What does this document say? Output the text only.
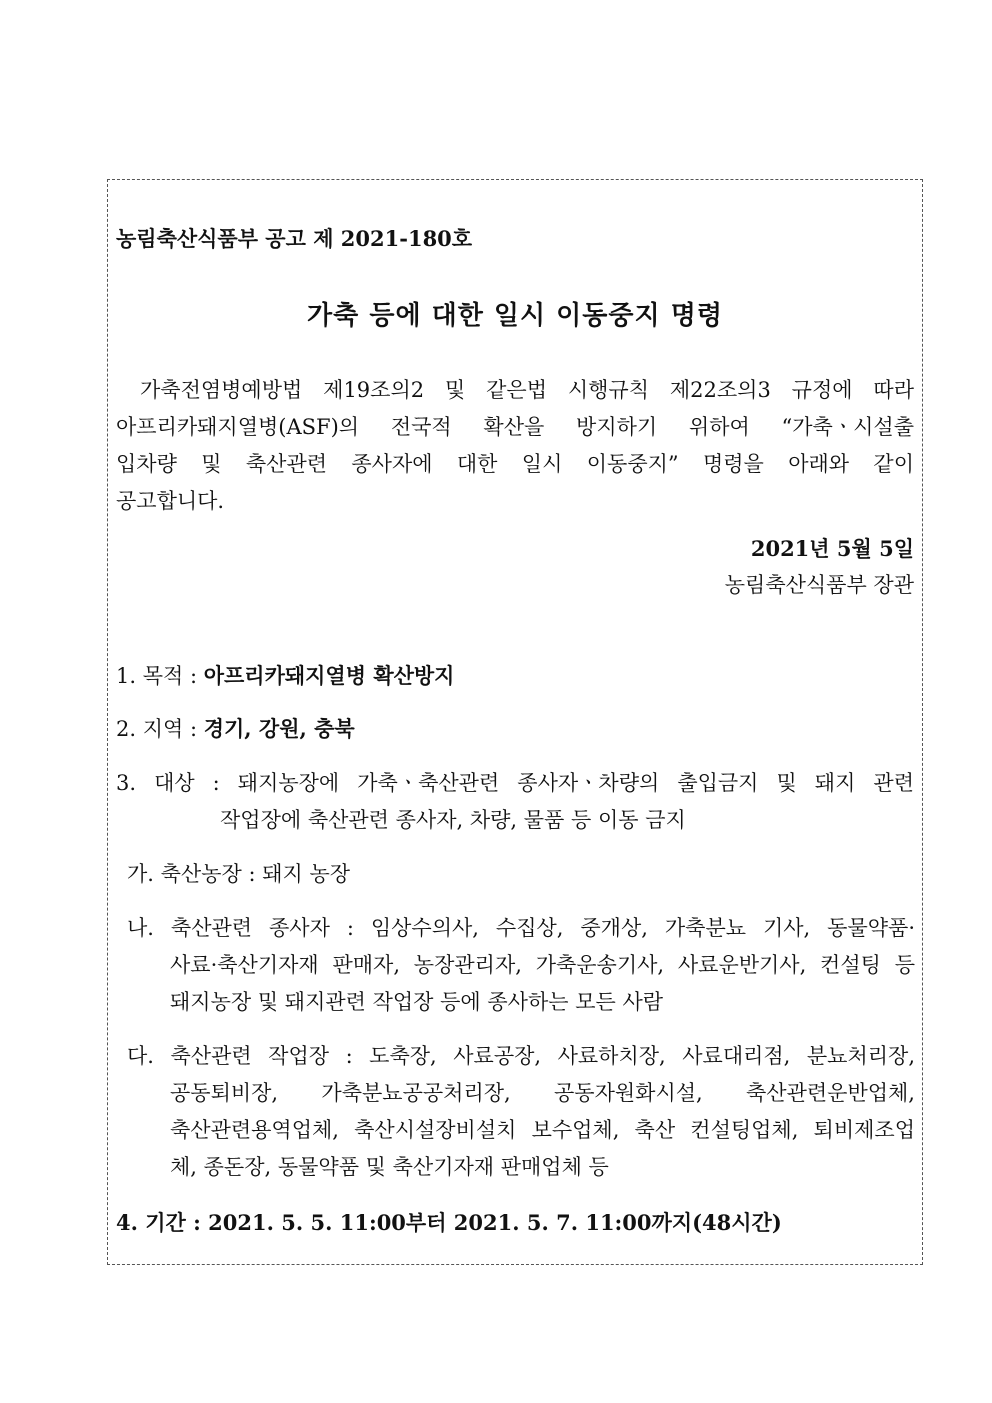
농림축산식품부 공고 제 2021-180호
가축 등에 대한 일시 이동중지 명령
가축전염병예방법 제19조의2 및 같은법 시행규칙 제22조의3 규정에 따라
아프리카돼지열병(ASF)의 전국적 확산을 방지하기 위하여 “가축ㆍ시설출
입차량 및 축산관련 종사자에 대한 일시 이동중지” 명령을 아래와 같이
공고합니다.
2021년 5월 5일
농림축산식품부 장관
1. 목적 : 아프리카돼지열병 확산방지
2. 지역 : 경기, 강원, 충북
3. 대상 : 돼지농장에 가축ㆍ축산관련 종사자ㆍ차량의 출입금지 및 돼지 관련
작업장에 축산관련 종사자, 차량, 물품 등 이동 금지
가. 축산농장 : 돼지 농장
나. 축산관련 종사자 : 임상수의사, 수집상, 중개상, 가축분뇨 기사, 동물약품·
사료·축산기자재 판매자, 농장관리자, 가축운송기사, 사료운반기사, 컨설팅 등
돼지농장 및 돼지관련 작업장 등에 종사하는 모든 사람
다. 축산관련 작업장 : 도축장, 사료공장, 사료하치장, 사료대리점, 분뇨처리장,
공동퇴비장, 가축분뇨공공처리장, 공동자원화시설, 축산관련운반업체,
축산관련용역업체, 축산시설장비설치 보수업체, 축산 컨설팅업체, 퇴비제조업
체, 종돈장, 동물약품 및 축산기자재 판매업체 등
4. 기간 : 2021. 5. 5. 11:00부터 2021. 5. 7. 11:00까지(48시간)
